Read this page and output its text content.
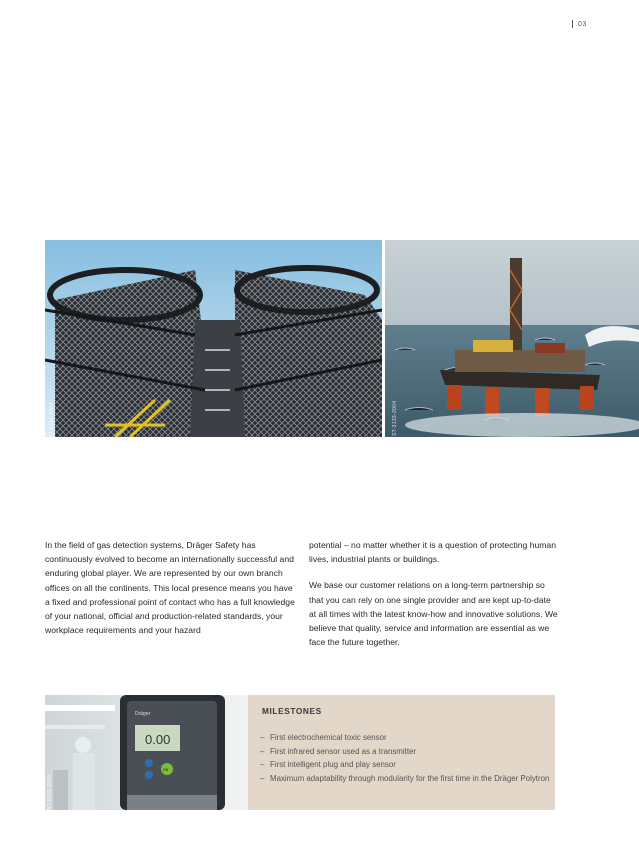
03
ST-6054-2004	ST-3133-2004

In the field of gas detection systems, Dräger Safety has continuously evolved to become an internationally successful and enduring global player. We are represented by our own branch offices on all the continents. This local presence means you have a fixed and professional point of contact who has a full knowledge of your national, official and production-related standards, your workplace requirements and your hazard

potential – no matter whether it is a question of protecting human lives, industrial plants or buildings.

We base our customer relations on a long-term partnership so that you can rely on one single provider and are kept up-to-date at all times with the latest know-how and innovative solutions. We believe that quality, service and information are essential as we face the future together.

0.00
Dräger
ON
ST-5033-2004
MILESTONES
– First electrochemical toxic sensor
– First infrared sensor used as a transmitter
– First intelligent plug and play sensor
– Maximum adaptability through modularity for the first time in the Dräger Polytron
